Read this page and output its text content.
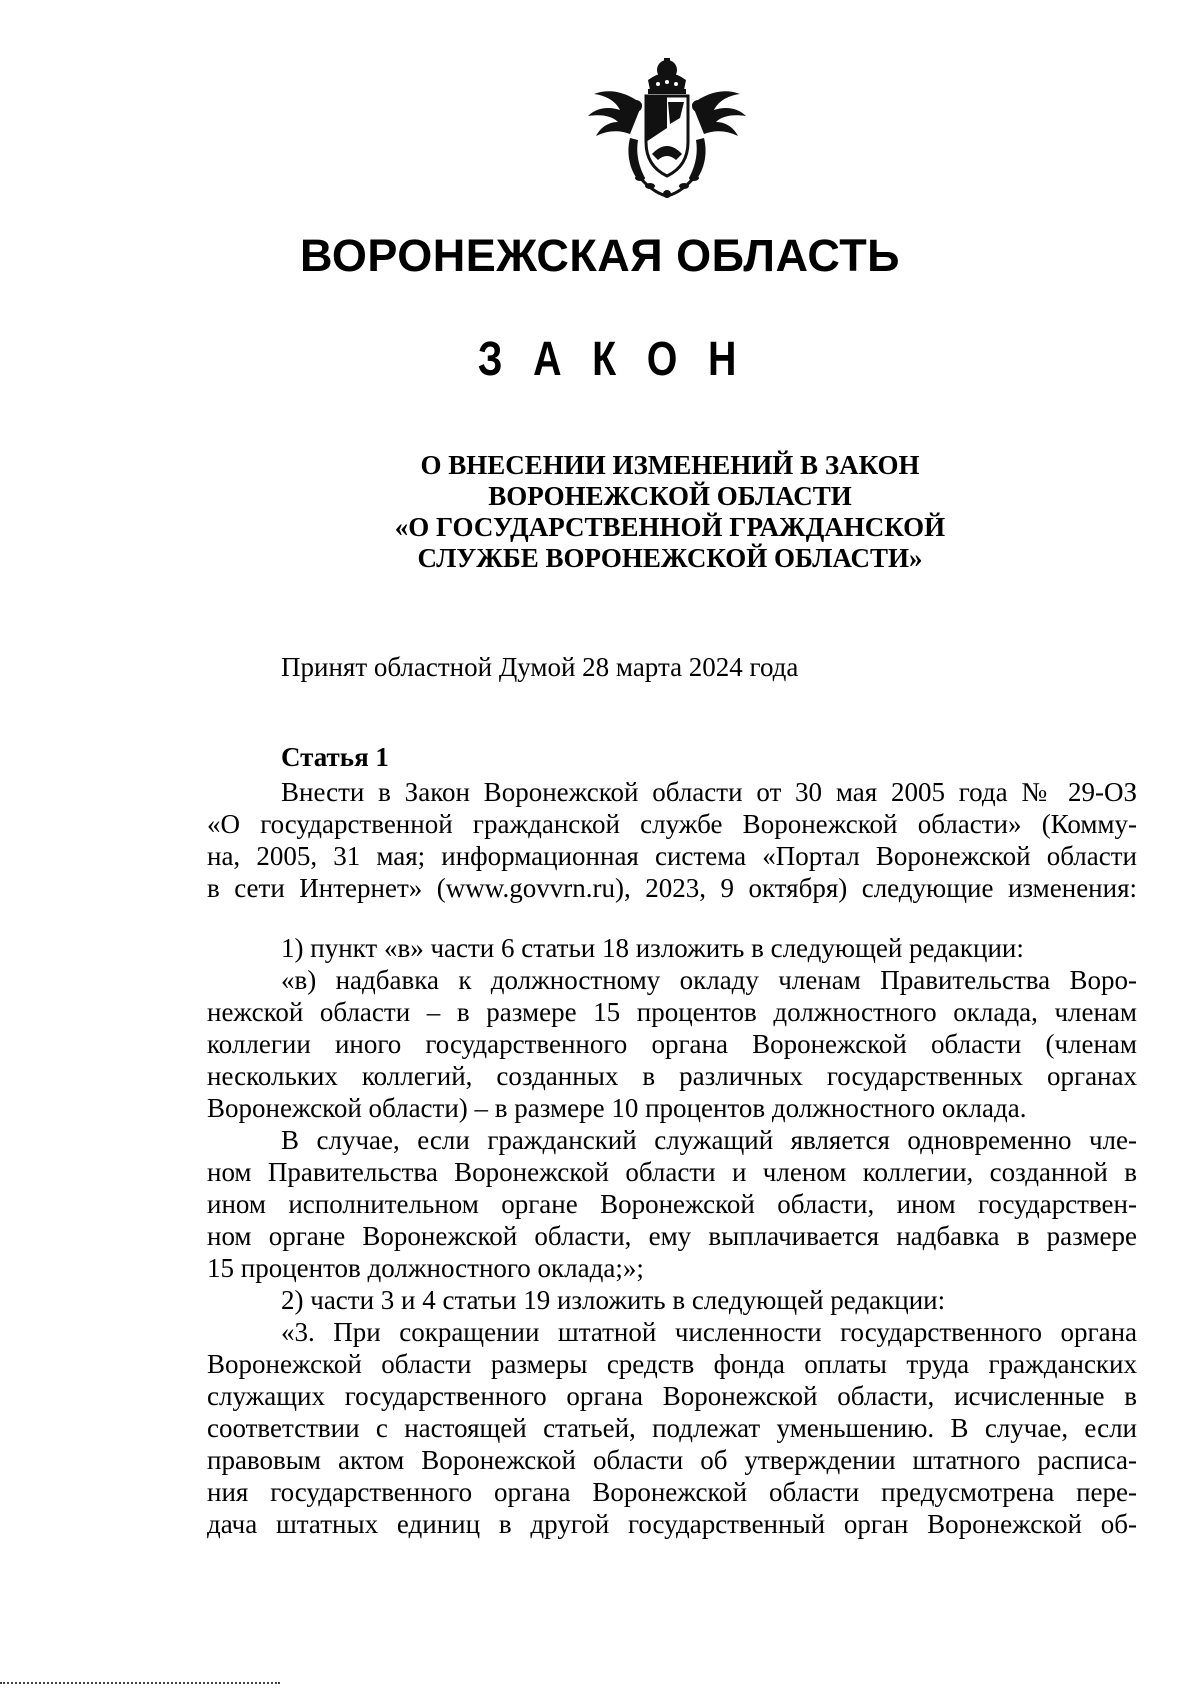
ВОРОНЕЖСКАЯ ОБЛАСТЬ
З А К О Н
О ВНЕСЕНИИ ИЗМЕНЕНИЙ В ЗАКОН
ВОРОНЕЖСКОЙ ОБЛАСТИ
«О ГОСУДАРСТВЕННОЙ ГРАЖДАНСКОЙ
СЛУЖБЕ ВОРОНЕЖСКОЙ ОБЛАСТИ»
Принят областной Думой 28 марта 2024 года
Статья 1
Внести в Закон Воронежской области от 30 мая 2005 года № 29-ОЗ
«О государственной гражданской службе Воронежской области» (Комму-
на, 2005, 31 мая; информационная система «Портал Воронежской области
в сети Интернет» (www.govvrn.ru), 2023, 9 октября) следующие изменения:
1) пункт «в» части 6 статьи 18 изложить в следующей редакции:
«в) надбавка к должностному окладу членам Правительства Воро-
нежской области – в размере 15 процентов должностного оклада, членам
коллегии иного государственного органа Воронежской области (членам
нескольких коллегий, созданных в различных государственных органах
Воронежской области) – в размере 10 процентов должностного оклада.
В случае, если гражданский служащий является одновременно чле-
ном Правительства Воронежской области и членом коллегии, созданной в
ином исполнительном органе Воронежской области, ином государствен-
ном органе Воронежской области, ему выплачивается надбавка в размере
15 процентов должностного оклада;»;
2) части 3 и 4 статьи 19 изложить в следующей редакции:
«3. При сокращении штатной численности государственного органа
Воронежской области размеры средств фонда оплаты труда гражданских
служащих государственного органа Воронежской области, исчисленные в
соответствии с настоящей статьей, подлежат уменьшению. В случае, если
правовым актом Воронежской области об утверждении штатного расписа-
ния государственного органа Воронежской области предусмотрена пере-
дача штатных единиц в другой государственный орган Воронежской об-
